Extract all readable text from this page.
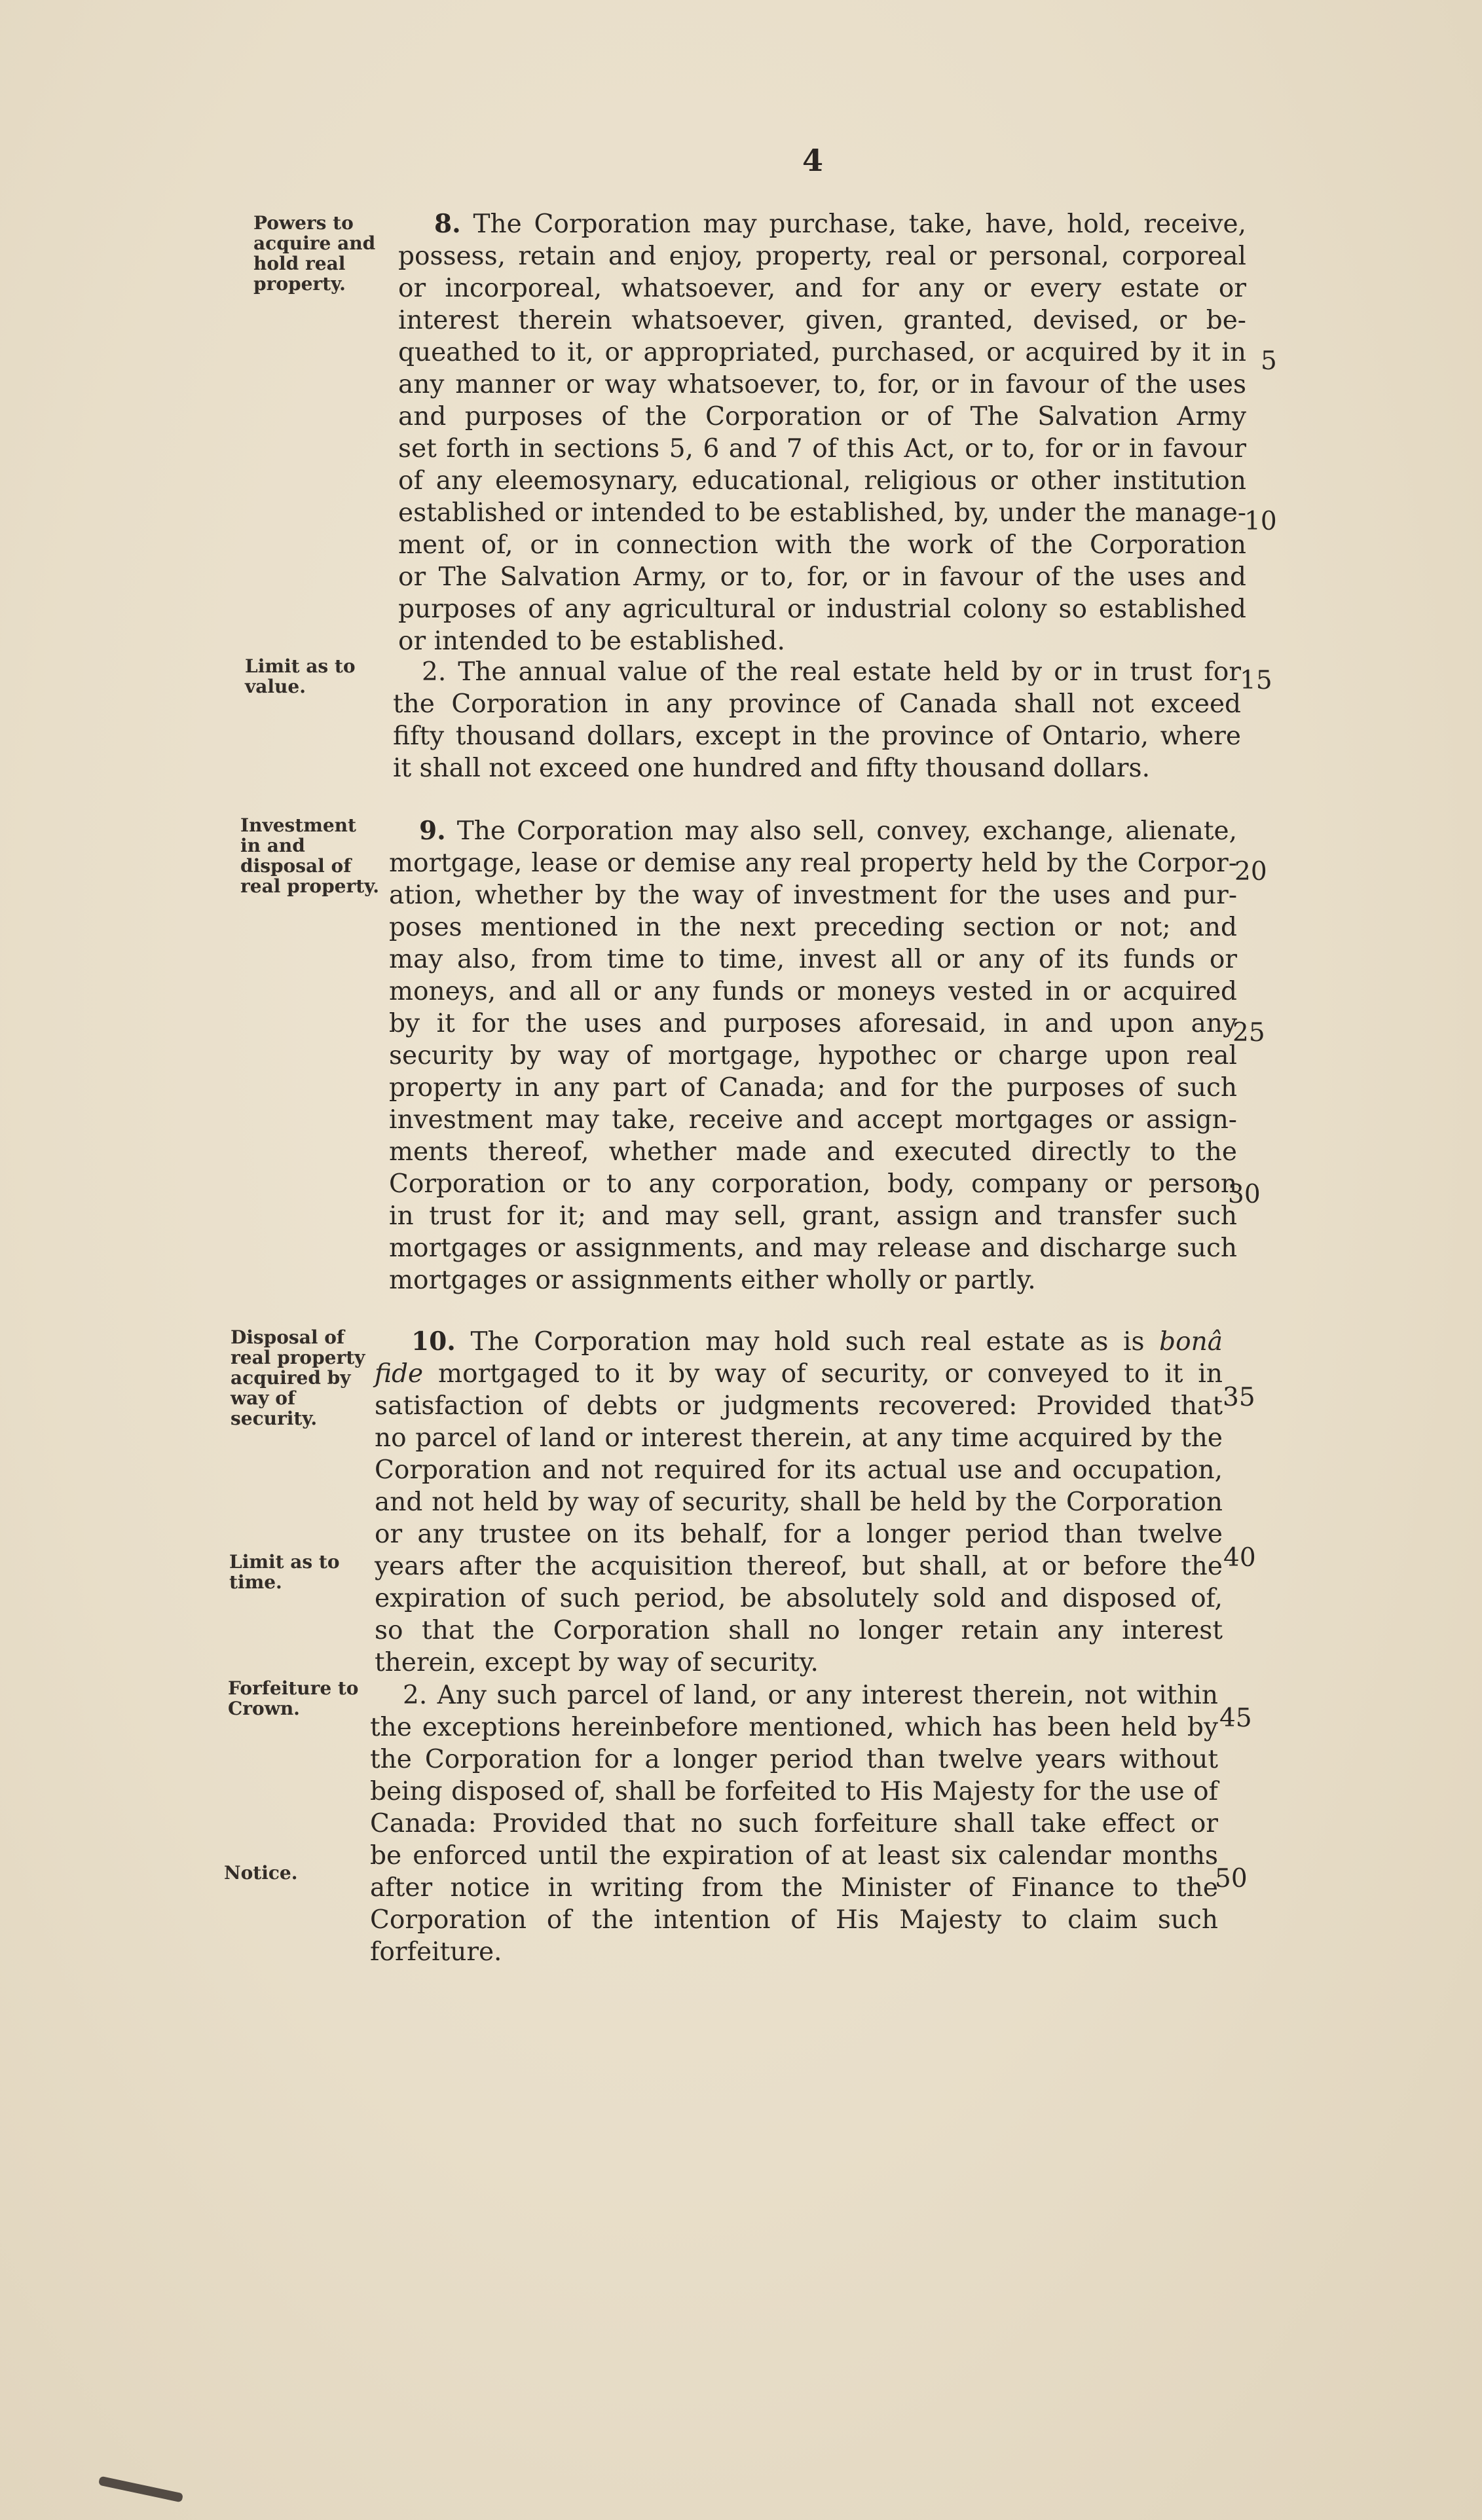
4

Powers to
acquire and
hold real
property.

Limit as to
value.

Investment
in and
disposal of
real property.

Disposal of
real property
acquired by
way of
security.

Limit as to
time.

Forfeiture to
Crown.

Notice.

8. The Corporation may purchase, take, have, hold, receive,
possess, retain and enjoy, property, real or personal, corporeal
or incorporeal, whatsoever, and for any or every estate or
interest therein whatsoever, given, granted, devised, or be-
queathed to it, or appropriated, purchased, or acquired by it in
any manner or way whatsoever, to, for, or in favour of the uses
and purposes of the Corporation or of The Salvation Army
set forth in sections 5, 6 and 7 of this Act, or to, for or in favour
of any eleemosynary, educational, religious or other institution
established or intended to be established, by, under the manage-
ment of, or in connection with the work of the Corporation
or The Salvation Army, or to, for, or in favour of the uses and
purposes of any agricultural or industrial colony so established
or intended to be established.
2. The annual value of the real estate held by or in trust for
the Corporation in any province of Canada shall not exceed
fifty thousand dollars, except in the province of Ontario, where
it shall not exceed one hundred and fifty thousand dollars.
9. The Corporation may also sell, convey, exchange, alienate,
mortgage, lease or demise any real property held by the Corpor-
ation, whether by the way of investment for the uses and pur-
poses mentioned in the next preceding section or not; and
may also, from time to time, invest all or any of its funds or
moneys, and all or any funds or moneys vested in or acquired
by it for the uses and purposes aforesaid, in and upon any
security by way of mortgage, hypothec or charge upon real
property in any part of Canada; and for the purposes of such
investment may take, receive and accept mortgages or assign-
ments thereof, whether made and executed directly to the
Corporation or to any corporation, body, company or person
in trust for it; and may sell, grant, assign and transfer such
mortgages or assignments, and may release and discharge such
mortgages or assignments either wholly or partly.
10. The Corporation may hold such real estate as is bonâ
fide mortgaged to it by way of security, or conveyed to it in
satisfaction of debts or judgments recovered: Provided that
no parcel of land or interest therein, at any time acquired by the
Corporation and not required for its actual use and occupation,
and not held by way of security, shall be held by the Corporation
or any trustee on its behalf, for a longer period than twelve
years after the acquisition thereof, but shall, at or before the
expiration of such period, be absolutely sold and disposed of,
so that the Corporation shall no longer retain any interest
therein, except by way of security.
2. Any such parcel of land, or any interest therein, not within
the exceptions hereinbefore mentioned, which has been held by
the Corporation for a longer period than twelve years without
being disposed of, shall be forfeited to His Majesty for the use of
Canada: Provided that no such forfeiture shall take effect or
be enforced until the expiration of at least six calendar months
after notice in writing from the Minister of Finance to the
Corporation of the intention of His Majesty to claim such
forfeiture.

5

10

15

20

25

30

35

40

45

50
